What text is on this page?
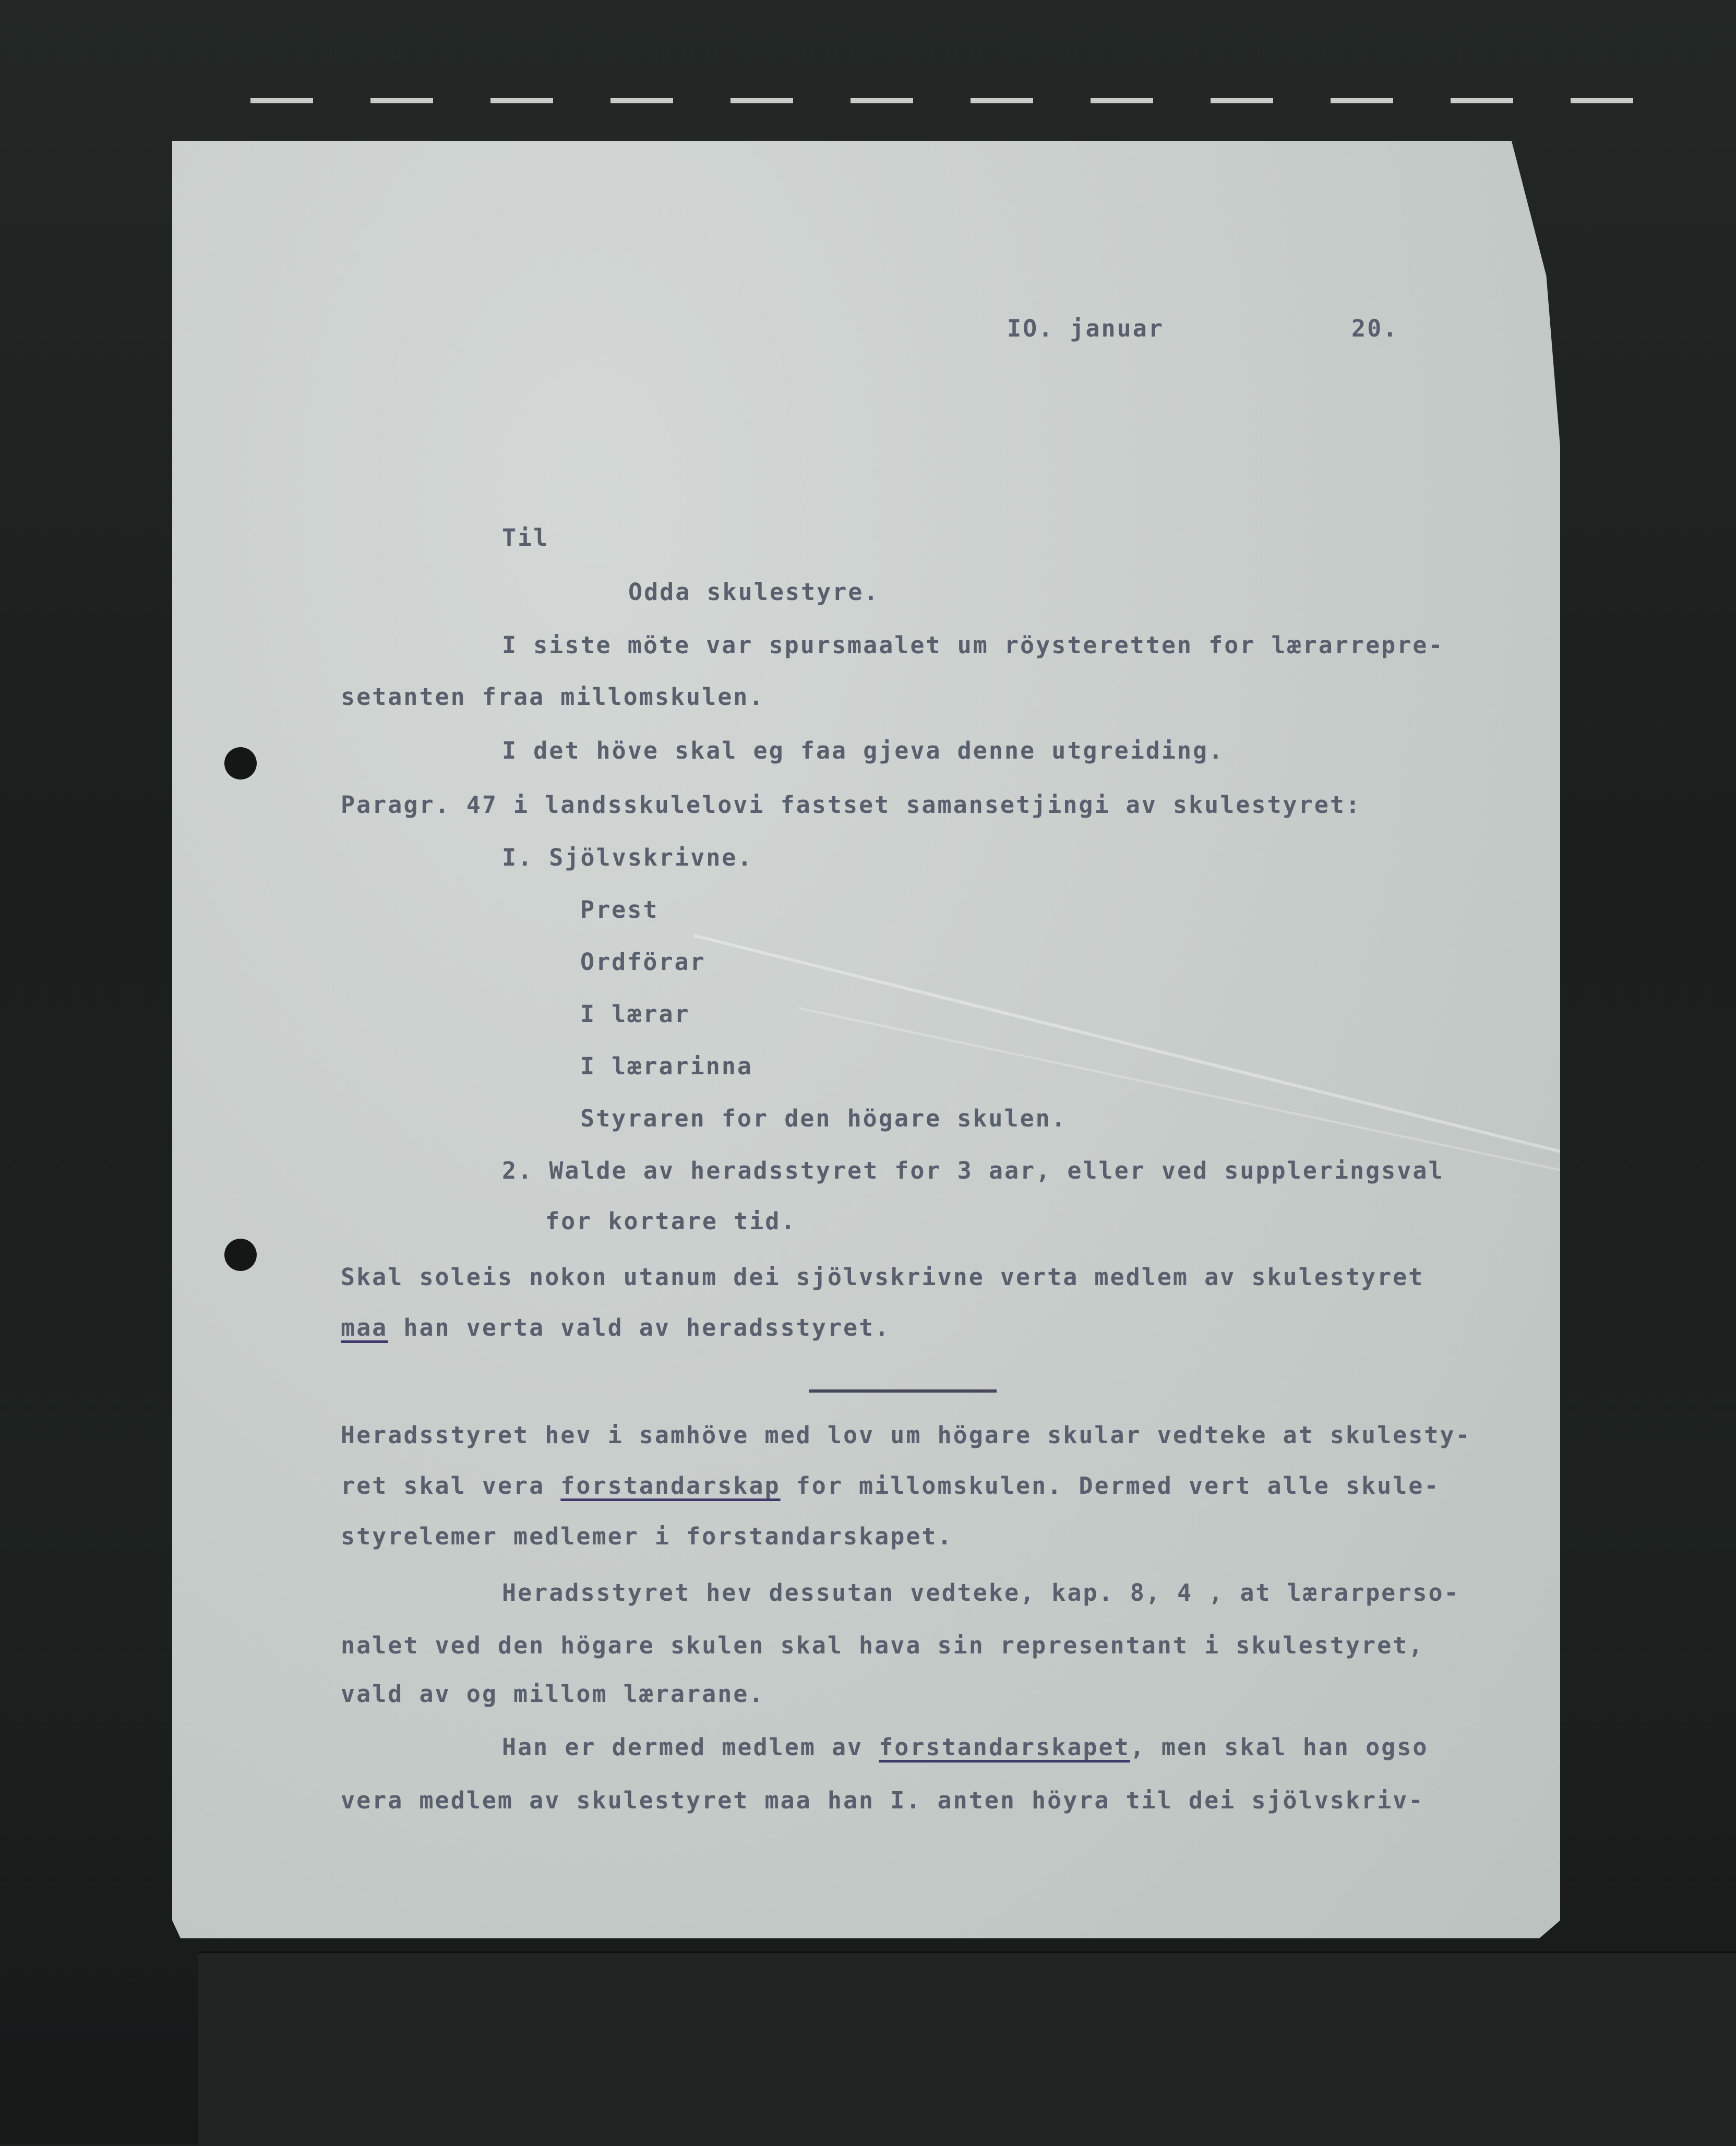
IO. januar	20.

Til

Odda skulestyre.

I siste möte var spursmaalet um röysteretten for lærarrepre-

setanten fraa millomskulen.

I det höve skal eg faa gjeva denne utgreiding.

Paragr. 47 i landsskulelovi fastset samansetjingi av skulestyret:

I. Sjölvskrivne.

Prest

Ordförar

I lærar

I lærarinna

Styraren for den högare skulen.

2. Walde av heradsstyret for 3 aar, eller ved suppleringsval

for kortare tid.

Skal soleis nokon utanum dei sjölvskrivne verta medlem av skulestyret

maa han verta vald av heradsstyret.

Heradsstyret hev i samhöve med lov um högare skular vedteke at skulesty-

ret skal vera forstandarskap for millomskulen. Dermed vert alle skule-

styrelemer medlemer i forstandarskapet.

Heradsstyret hev dessutan vedteke, kap. 8, 4 , at lærarperso-

nalet ved den högare skulen skal hava sin representant i skulestyret,

vald av og millom lærarane.

Han er dermed medlem av forstandarskapet, men skal han ogso

vera medlem av skulestyret maa han I. anten höyra til dei sjölvskriv-
